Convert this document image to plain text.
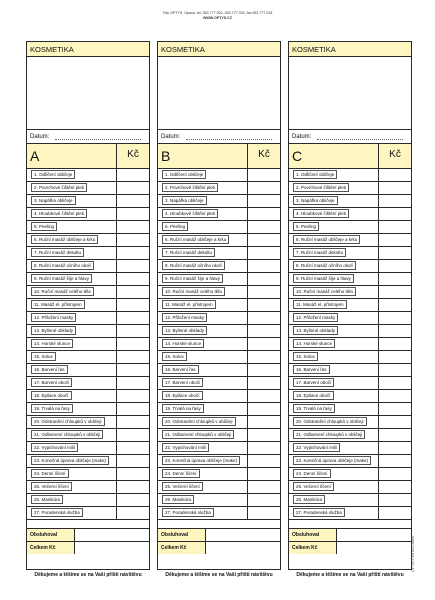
Tisk OPTYS, Opava, tel. 553 777 001, 553 777 333, fax 553 777 018
WWW.OPTYS.CZ
KOSMETIKA
Datum:
A	Kč
1. Odlíčení obličeje
2. Povrchové čištění pleti
3. Napářka obličeje
4. Hloubkové čištění pleti
5. Peeling
6. Ruční masáž obličeje a krku
7. Ruční masáž dekoltu
8. Ruční masáž očního okolí
9. Ruční masáž šíje a hlavy
10. Ruční masáž celého těla
11. Masáž el. přístrojem
12. Přiložení masky
13. Bylinné obklady
14. Horské slunce
15. Solux
16. Barvení řas
17. Barvení obočí
18. Epilace obočí
19. Trvalá na řasy
20. Odstranění chloupků v obličeji
21. Odbarvení chloupků v obličeji
22. Vypichování milií
23. Konečná úprava obličeje (make)
24. Denní líčení
25. Večerní líčení
26. Manikúra
27. Poradenská služba
Obsluhoval
Celkem Kč
KOSMETIKA
Datum:
B	Kč
1. Odlíčení obličeje
2. Povrchové čištění pleti
3. Napářka obličeje
4. Hloubkové čištění pleti
5. Peeling
6. Ruční masáž obličeje a krku
7. Ruční masáž dekoltu
8. Ruční masáž očního okolí
9. Ruční masáž šíje a hlavy
10. Ruční masáž celého těla
11. Masáž el. přístrojem
12. Přiložení masky
13. Bylinné obklady
14. Horské slunce
15. Solux
16. Barvení řas
17. Barvení obočí
18. Epilace obočí
19. Trvalá na řasy
20. Odstranění chloupků v obličeji
21. Odbarvení chloupků v obličeji
22. Vypichování milií
23. Konečná úprava obličeje (make)
24. Denní líčení
25. Večerní líčení
26. Manikúra
27. Poradenská služba
Obsluhoval
Celkem Kč
KOSMETIKA
Datum:
C	Kč
1. Odlíčení obličeje
2. Povrchové čištění pleti
3. Napářka obličeje
4. Hloubkové čištění pleti
5. Peeling
6. Ruční masáž obličeje a krku
7. Ruční masáž dekoltu
8. Ruční masáž očního okolí
9. Ruční masáž šíje a hlavy
10. Ruční masáž celého těla
11. Masáž el. přístrojem
12. Přiložení masky
13. Bylinné obklady
14. Horské slunce
15. Solux
16. Barvení řas
17. Barvení obočí
18. Epilace obočí
19. Trvalá na řasy
20. Odstranění chloupků v obličeji
21. Odbarvení chloupků v obličeji
22. Vypichování milií
23. Konečná úprava obličeje (make)
24. Denní líčení
25. Večerní líčení
26. Manikúra
27. Poradenská služba
Obsluhoval
Celkem Kč
Děkujeme a těšíme se na Vaši příští návštěvu	Děkujeme a těšíme se na Vaši příští návštěvu	Děkujeme a těšíme se na Vaši příští návštěvu
OP 1079 En 6/11 58/09
